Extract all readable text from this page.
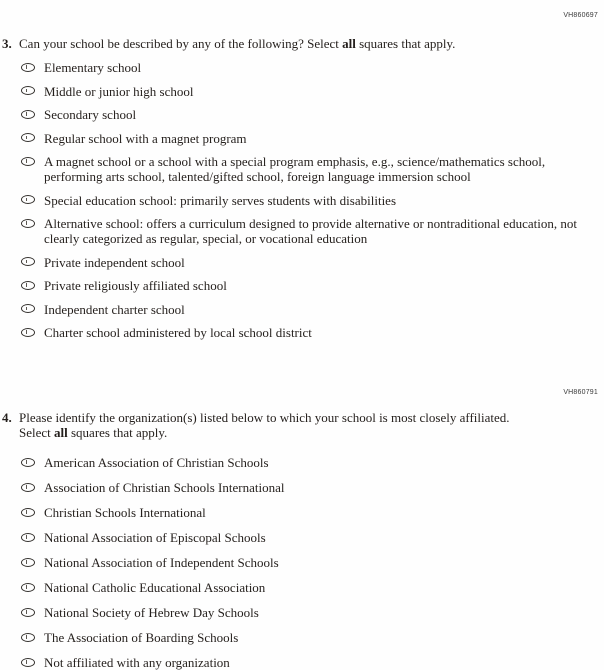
VH860697
3. Can your school be described by any of the following? Select all squares that apply.
Elementary school
Middle or junior high school
Secondary school
Regular school with a magnet program
A magnet school or a school with a special program emphasis, e.g., science/mathematics school, performing arts school, talented/gifted school, foreign language immersion school
Special education school: primarily serves students with disabilities
Alternative school: offers a curriculum designed to provide alternative or nontraditional education, not clearly categorized as regular, special, or vocational education
Private independent school
Private religiously affiliated school
Independent charter school
Charter school administered by local school district
VH860791
4. Please identify the organization(s) listed below to which your school is most closely affiliated. Select all squares that apply.
American Association of Christian Schools
Association of Christian Schools International
Christian Schools International
National Association of Episcopal Schools
National Association of Independent Schools
National Catholic Educational Association
National Society of Hebrew Day Schools
The Association of Boarding Schools
Not affiliated with any organization
